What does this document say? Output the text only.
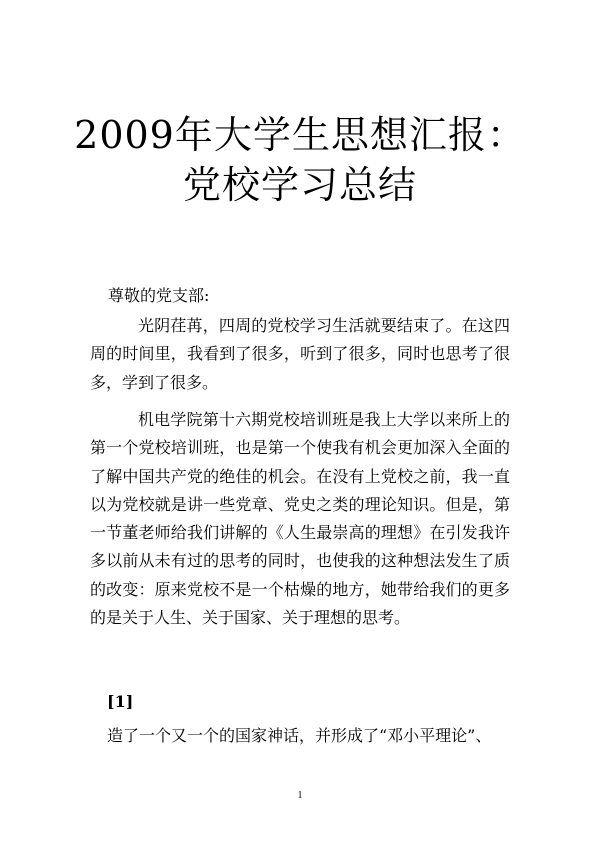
2009年大学生思想汇报：
党校学习总结
尊敬的党支部:

光阴荏苒，四周的党校学习生活就要结束了。在这四周的时间里，我看到了很多，听到了很多，同时也思考了很多，学到了很多。

机电学院第十六期党校培训班是我上大学以来所上的第一个党校培训班，也是第一个使我有机会更加深入全面的了解中国共产党的绝佳的机会。在没有上党校之前，我一直以为党校就是讲一些党章、党史之类的理论知识。但是，第一节董老师给我们讲解的《人生最崇高的理想》在引发我许多以前从未有过的思考的同时，也使我的这种想法发生了质的改变：原来党校不是一个枯燥的地方，她带给我们的更多的是关于人生、关于国家、关于理想的思考。

[1]
造了一个又一个的国家神话，并形成了“邓小平理论”、
1
